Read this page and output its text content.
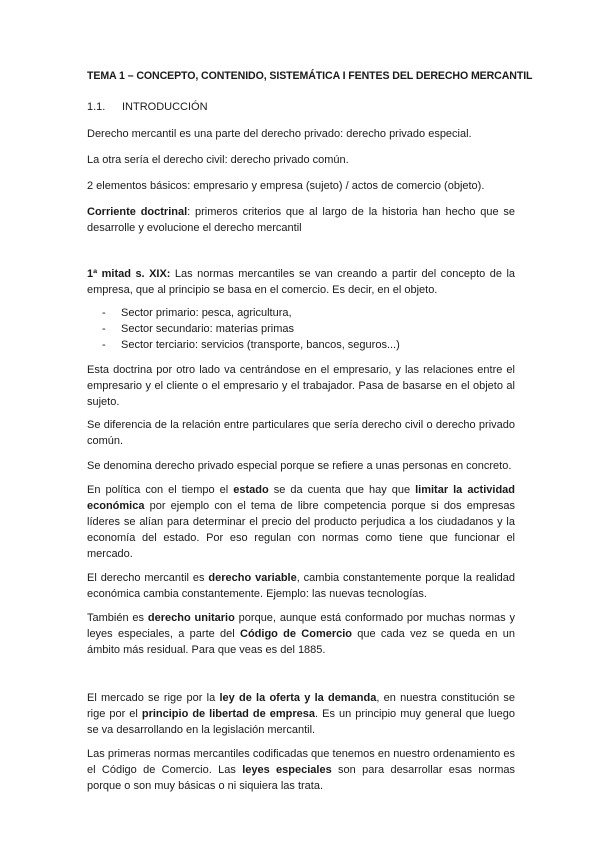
TEMA 1 – CONCEPTO, CONTENIDO, SISTEMÁTICA I FENTES DEL DERECHO MERCANTIL

1.1.	INTRODUCCIÓN

Derecho mercantil es una parte del derecho privado: derecho privado especial.

La otra sería el derecho civil: derecho privado común.

2 elementos básicos: empresario y empresa (sujeto) / actos de comercio (objeto).

Corriente doctrinal: primeros criterios que al largo de la historia han hecho que se desarrolle y evolucione el derecho mercantil

1ª mitad s. XIX: Las normas mercantiles se van creando a partir del concepto de la empresa, que al principio se basa en el comercio. Es decir, en el objeto.

-	Sector primario: pesca, agricultura,
-	Sector secundario: materias primas
-	Sector terciario: servicios (transporte, bancos, seguros...)

Esta doctrina por otro lado va centrándose en el empresario, y las relaciones entre el empresario y el cliente o el empresario y el trabajador. Pasa de basarse en el objeto al sujeto.

Se diferencia de la relación entre particulares que sería derecho civil o derecho privado común.

Se denomina derecho privado especial porque se refiere a unas personas en concreto.

En política con el tiempo el estado se da cuenta que hay que limitar la actividad económica por ejemplo con el tema de libre competencia porque si dos empresas líderes se alían para determinar el precio del producto perjudica a los ciudadanos y la economía del estado. Por eso regulan con normas como tiene que funcionar el mercado.

El derecho mercantil es derecho variable, cambia constantemente porque la realidad económica cambia constantemente. Ejemplo: las nuevas tecnologías.

También es derecho unitario porque, aunque está conformado por muchas normas y leyes especiales, a parte del Código de Comercio que cada vez se queda en un ámbito más residual. Para que veas es del 1885.

El mercado se rige por la ley de la oferta y la demanda, en nuestra constitución se rige por el principio de libertad de empresa. Es un principio muy general que luego se va desarrollando en la legislación mercantil.

Las primeras normas mercantiles codificadas que tenemos en nuestro ordenamiento es el Código de Comercio. Las leyes especiales son para desarrollar esas normas porque o son muy básicas o ni siquiera las trata.
